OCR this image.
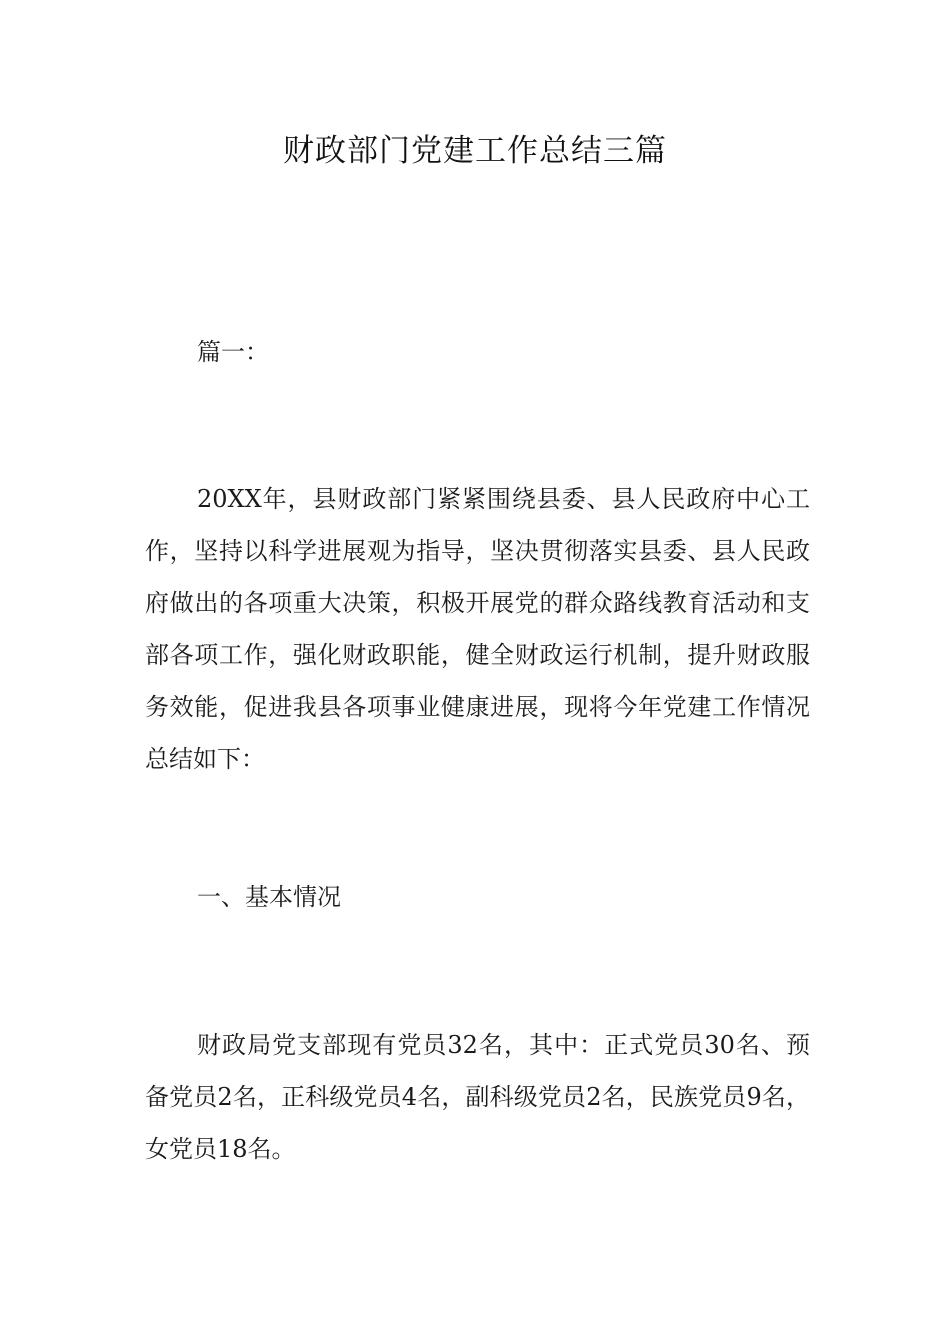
财政部门党建工作总结三篇

篇一：

20XX年，县财政部门紧紧围绕县委、县人民政府中心工作，坚持以科学进展观为指导，坚决贯彻落实县委、县人民政府做出的各项重大决策，积极开展党的群众路线教育活动和支部各项工作，强化财政职能，健全财政运行机制，提升财政服务效能，促进我县各项事业健康进展，现将今年党建工作情况总结如下：

一、基本情况

财政局党支部现有党员32名，其中：正式党员30名、预备党员2名，正科级党员4名，副科级党员2名，民族党员9名，女党员18名。
